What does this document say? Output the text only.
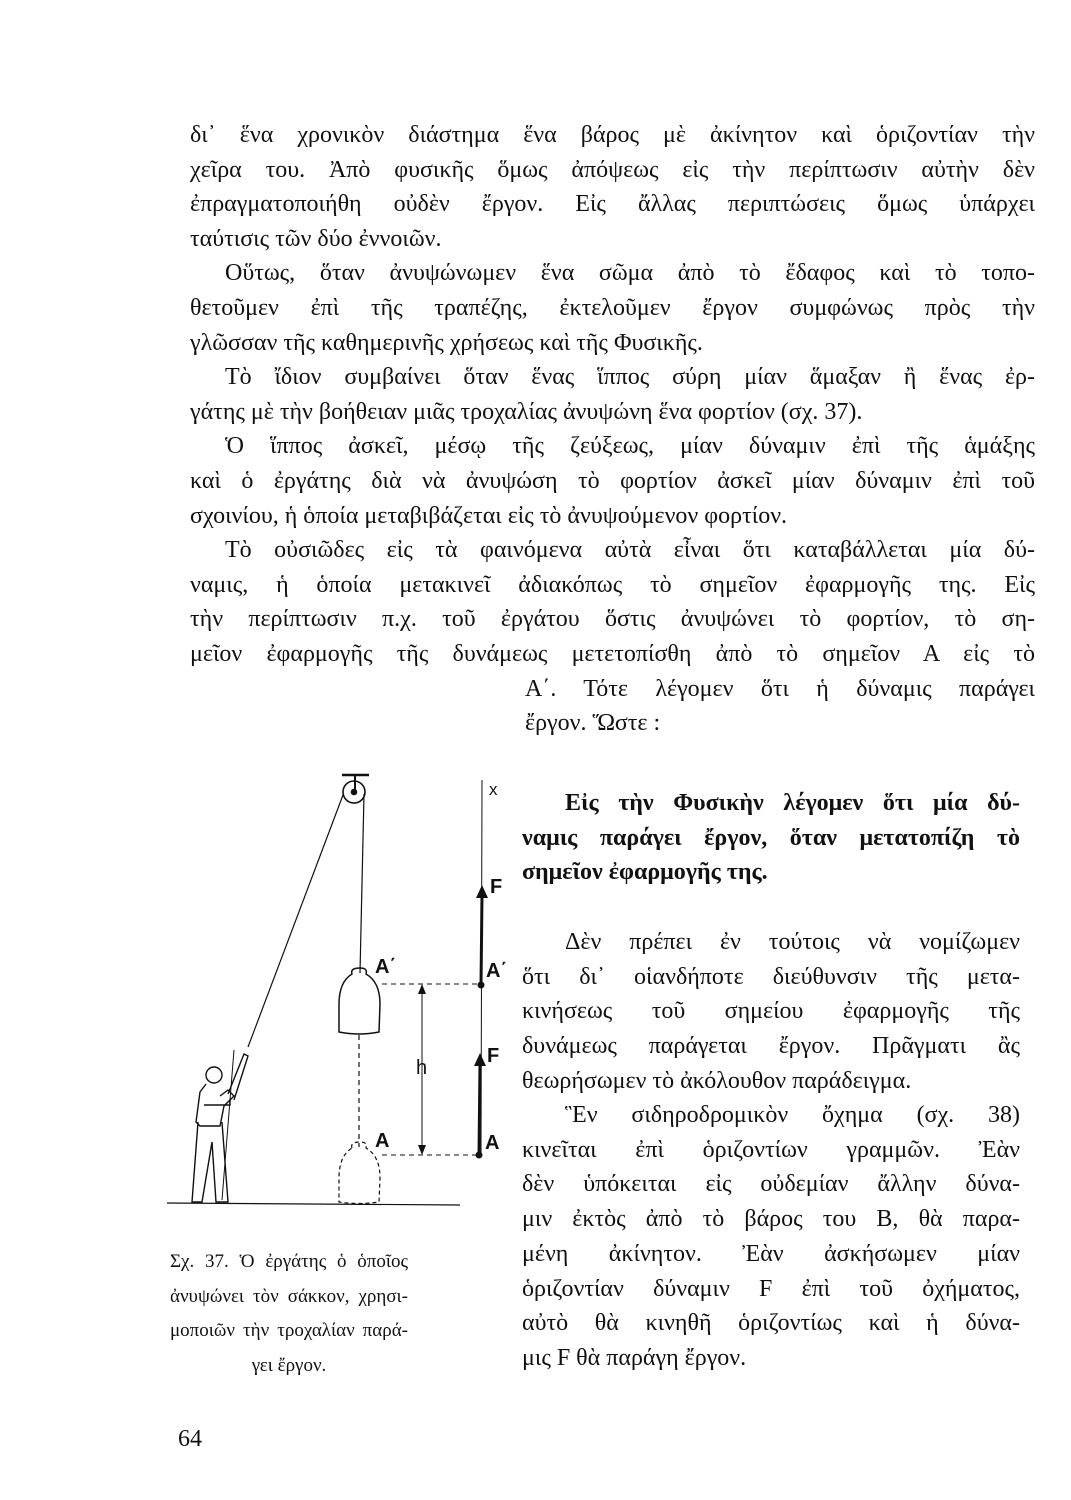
δι᾿ ἕνα χρονικὸν διάστημα ἕνα βάρος μὲ ἀκίνητον καὶ ὁριζοντίαν τὴν
χεῖρα του. Ἀπὸ φυσικῆς ὅμως ἀπόψεως εἰς τὴν περίπτωσιν αὐτὴν δὲν
ἐπραγματοποιήθη οὐδὲν ἔργον. Εἰς ἄλλας περιπτώσεις ὅμως ὑπάρχει
ταύτισις τῶν δύο ἐννοιῶν.
Οὕτως, ὅταν ἀνυψώνωμεν ἕνα σῶμα ἀπὸ τὸ ἔδαφος καὶ τὸ τοπο-
θετοῦμεν ἐπὶ τῆς τραπέζης, ἐκτελοῦμεν ἔργον συμφώνως πρὸς τὴν
γλῶσσαν τῆς καθημερινῆς χρήσεως καὶ τῆς Φυσικῆς.
Τὸ ἴδιον συμβαίνει ὅταν ἕνας ἵππος σύρη μίαν ἅμαξαν ἢ ἕνας ἐρ-
γάτης μὲ τὴν βοήθειαν μιᾶς τροχαλίας ἀνυψώνη ἕνα φορτίον (σχ. 37).
Ὁ ἵππος ἀσκεῖ, μέσῳ τῆς ζεύξεως, μίαν δύναμιν ἐπὶ τῆς ἁμάξης
καὶ ὁ ἐργάτης διὰ νὰ ἀνυψώση τὸ φορτίον ἀσκεῖ μίαν δύναμιν ἐπὶ τοῦ
σχοινίου, ἡ ὁποία μεταβιβάζεται εἰς τὸ ἀνυψούμενον φορτίον.
Τὸ οὐσιῶδες εἰς τὰ φαινόμενα αὐτὰ εἶναι ὅτι καταβάλλεται μία δύ-
ναμις, ἡ ὁποία μετακινεῖ ἀδιακόπως τὸ σημεῖον ἐφαρμογῆς της. Εἰς
τὴν περίπτωσιν π.χ. τοῦ ἐργάτου ὅστις ἀνυψώνει τὸ φορτίον, τὸ ση-
μεῖον ἐφαρμογῆς τῆς δυνάμεως μετετοπίσθη ἀπὸ τὸ σημεῖον Α εἰς τὸ
Α΄. Τότε λέγομεν ὅτι ἡ δύναμις παράγει
ἔργον. Ὥστε :
Εἰς τὴν Φυσικὴν λέγομεν ὅτι μία δύ-
ναμις παράγει ἔργον, ὅταν μετατοπίζη τὸ
σημεῖον ἐφαρμογῆς της.
Δὲν πρέπει ἐν τούτοις νὰ νομίζωμεν
ὅτι δι᾿ οἱανδήποτε διεύθυνσιν τῆς μετα-
κινήσεως τοῦ σημείου ἐφαρμογῆς τῆς
δυνάμεως παράγεται ἔργον. Πρᾶγματι ἂς
θεωρήσωμεν τὸ ἀκόλουθον παράδειγμα.
Ἓν σιδηροδρομικὸν ὄχημα (σχ. 38)
κινεῖται ἐπὶ ὁριζοντίων γραμμῶν. Ἐὰν
δὲν ὑπόκειται εἰς οὐδεμίαν ἄλλην δύνα-
μιν ἐκτὸς ἀπὸ τὸ βάρος του Β, θὰ παρα-
μένη ἀκίνητον. Ἐὰν ἀσκήσωμεν μίαν
ὁριζοντίαν δύναμιν F ἐπὶ τοῦ ὀχήματος,
αὐτὸ θὰ κινηθῆ ὁριζοντίως καὶ ἡ δύνα-
μις F θὰ παράγη ἔργον.
Σχ. 37. Ὁ ἐργάτης ὁ ὁποῖος
ἀνυψώνει τὸν σάκκον, χρησι-
μοποιῶν τὴν τροχαλίαν παρά-
γει ἔργον.
x
F
Α΄
Α΄
F
h
Α	Α
64
